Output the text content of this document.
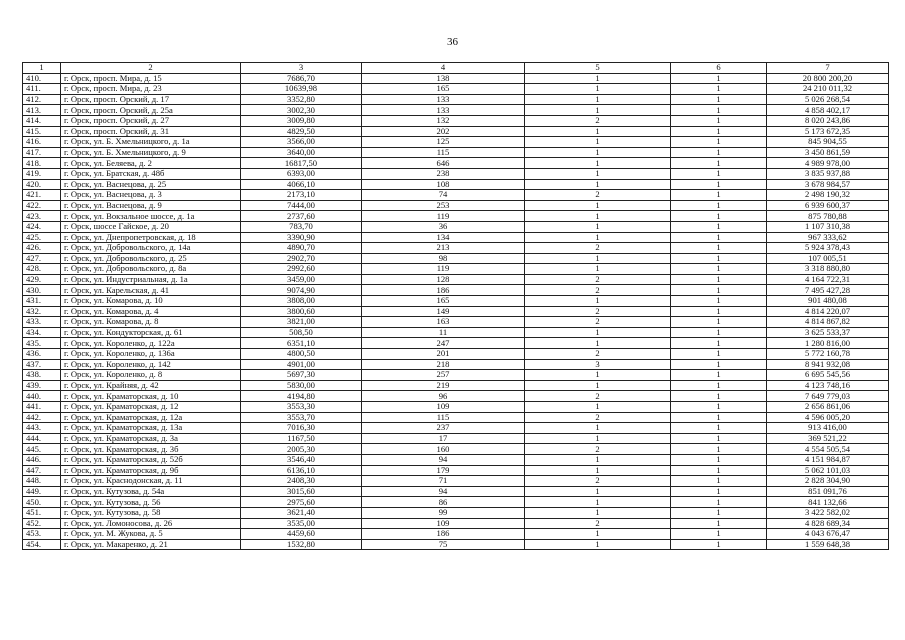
36
1	2	3	4	5	6	7
410.	г. Орск, просп. Мира, д. 15	7686,70	138	1	1	20 800 200,20
411.	г. Орск, просп. Мира, д. 23	10639,98	165	1	1	24 210 011,32
412.	г. Орск, просп. Орский, д. 17	3352,80	133	1	1	5 026 268,54
413.	г. Орск, просп. Орский, д. 25а	3002,30	133	1	1	4 858 402,17
414.	г. Орск, просп. Орский, д. 27	3009,80	132	2	1	8 020 243,86
415.	г. Орск, просп. Орский, д. 31	4829,50	202	1	1	5 173 672,35
416.	г. Орск, ул. Б. Хмельницкого, д. 1а	3566,00	125	1	1	845 904,55
417.	г. Орск, ул. Б. Хмельницкого, д. 9	3640,00	115	1	1	3 450 861,59
418.	г. Орск, ул. Беляева, д. 2	16817,50	646	1	1	4 989 978,00
419.	г. Орск, ул. Братская, д. 48б	6393,00	238	1	1	3 835 937,88
420.	г. Орск, ул. Васнецова, д. 25	4066,10	108	1	1	3 678 984,57
421.	г. Орск, ул. Васнецова, д. 3	2173,10	74	2	1	2 498 190,32
422.	г. Орск, ул. Васнецова, д. 9	7444,00	253	1	1	6 939 600,37
423.	г. Орск, ул. Вокзальное шоссе, д. 1а	2737,60	119	1	1	875 780,88
424.	г. Орск, шоссе Гайское, д. 20	783,70	36	1	1	1 107 310,38
425.	г. Орск, ул. Днепропетровская, д. 18	3390,90	134	1	1	967 333,62
426.	г. Орск, ул. Добровольского, д. 14а	4890,70	213	2	1	5 924 378,43
427.	г. Орск, ул. Добровольского, д. 25	2902,70	98	1	1	107 005,51
428.	г. Орск, ул. Добровольского, д. 8а	2992,60	119	1	1	3 318 880,80
429.	г. Орск, ул. Индустриальная, д. 1а	3459,00	128	2	1	4 164 722,31
430.	г. Орск, ул. Карельская, д. 41	9074,90	186	2	1	7 495 427,28
431.	г. Орск, ул. Комарова, д. 10	3808,00	165	1	1	901 480,08
432.	г. Орск, ул. Комарова, д. 4	3800,60	149	2	1	4 814 220,07
433.	г. Орск, ул. Комарова, д. 8	3821,00	163	2	1	4 814 867,82
434.	г. Орск, ул. Кондукторская, д. 61	508,50	11	1	1	3 625 533,37
435.	г. Орск, ул. Короленко, д. 122а	6351,10	247	1	1	1 280 816,00
436.	г. Орск, ул. Короленко, д. 136а	4800,50	201	2	1	5 772 160,78
437.	г. Орск, ул. Короленко, д. 142	4901,00	218	3	1	8 941 932,08
438.	г. Орск, ул. Короленко, д. 8	5697,30	257	1	1	6 695 545,56
439.	г. Орск, ул. Крайняя, д. 42	5830,00	219	1	1	4 123 748,16
440.	г. Орск, ул. Краматорская, д. 10	4194,80	96	2	1	7 649 779,03
441.	г. Орск, ул. Краматорская, д. 12	3553,30	109	1	1	2 656 861,06
442.	г. Орск, ул. Краматорская, д. 12а	3553,70	115	2	1	4 596 005,20
443.	г. Орск, ул. Краматорская, д. 13а	7016,30	237	1	1	913 416,00
444.	г. Орск, ул. Краматорская, д. 3а	1167,50	17	1	1	369 521,22
445.	г. Орск, ул. Краматорская, д. 3б	2005,30	160	2	1	4 554 505,54
446.	г. Орск, ул. Краматорская, д. 52б	3546,40	94	1	1	4 151 984,87
447.	г. Орск, ул. Краматорская, д. 9б	6136,10	179	1	1	5 062 101,03
448.	г. Орск, ул. Краснодонская, д. 11	2408,30	71	2	1	2 828 304,90
449.	г. Орск, ул. Кутузова, д. 54а	3015,60	94	1	1	851 091,76
450.	г. Орск, ул. Кутузова, д. 56	2975,60	86	1	1	841 132,66
451.	г. Орск, ул. Кутузова, д. 58	3621,40	99	1	1	3 422 582,02
452.	г. Орск, ул. Ломоносова, д. 26	3535,00	109	2	1	4 828 689,34
453.	г. Орск, ул. М. Жукова, д. 5	4459,60	186	1	1	4 043 676,47
454.	г. Орск, ул. Макаренко, д. 21	1532,80	75	1	1	1 559 648,38
